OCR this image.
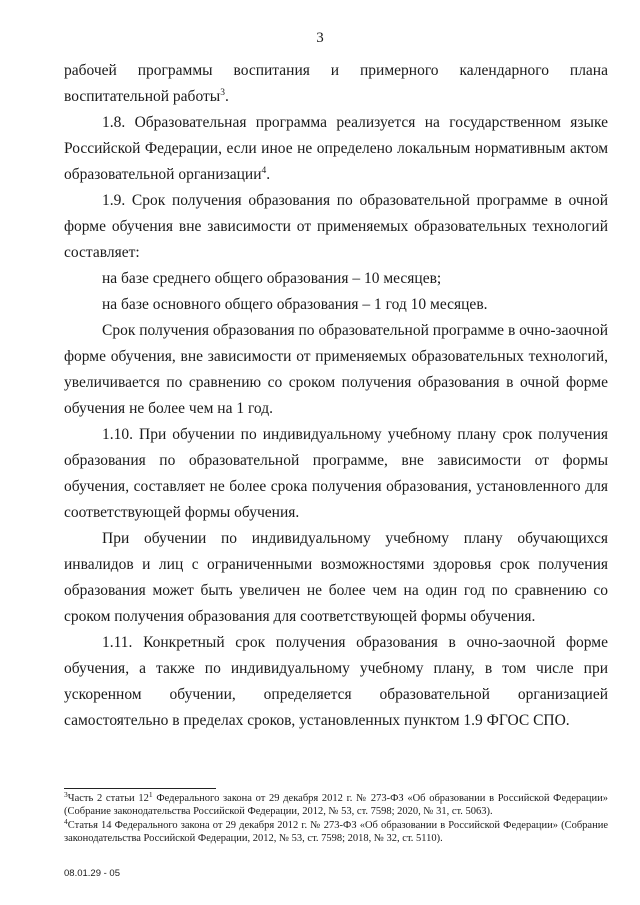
3

рабочей программы воспитания и примерного календарного плана воспитательной работы$^3$.

1.8. Образовательная программа реализуется на государственном языке Российской Федерации, если иное не определено локальным нормативным актом образовательной организации$^4$.

1.9. Срок получения образования по образовательной программе в очной форме обучения вне зависимости от применяемых образовательных технологий составляет:

на базе среднего общего образования – 10 месяцев;

на базе основного общего образования – 1 год 10 месяцев.

Срок получения образования по образовательной программе в очно-заочной форме обучения, вне зависимости от применяемых образовательных технологий, увеличивается по сравнению со сроком получения образования в очной форме обучения не более чем на 1 год.

1.10. При обучении по индивидуальному учебному плану срок получения образования по образовательной программе, вне зависимости от формы обучения, составляет не более срока получения образования, установленного для соответствующей формы обучения.

При обучении по индивидуальному учебному плану обучающихся инвалидов и лиц с ограниченными возможностями здоровья срок получения образования может быть увеличен не более чем на один год по сравнению со сроком получения образования для соответствующей формы обучения.

1.11. Конкретный срок получения образования в очно-заочной форме обучения, а также по индивидуальному учебному плану, в том числе при ускоренном обучении, определяется образовательной организацией самостоятельно в пределах сроков, установленных пунктом 1.9 ФГОС СПО.

$^3$Часть 2 статьи 12$^1$ Федерального закона от 29 декабря 2012 г. № 273-ФЗ «Об образовании в Российской Федерации» (Собрание законодательства Российской Федерации, 2012, № 53, ст. 7598; 2020, № 31, ст. 5063).

$^4$Статья 14 Федерального закона от 29 декабря 2012 г. № 273-ФЗ «Об образовании в Российской Федерации» (Собрание законодательства Российской Федерации, 2012, № 53, ст. 7598; 2018, № 32, ст. 5110).

08.01.29 - 05
